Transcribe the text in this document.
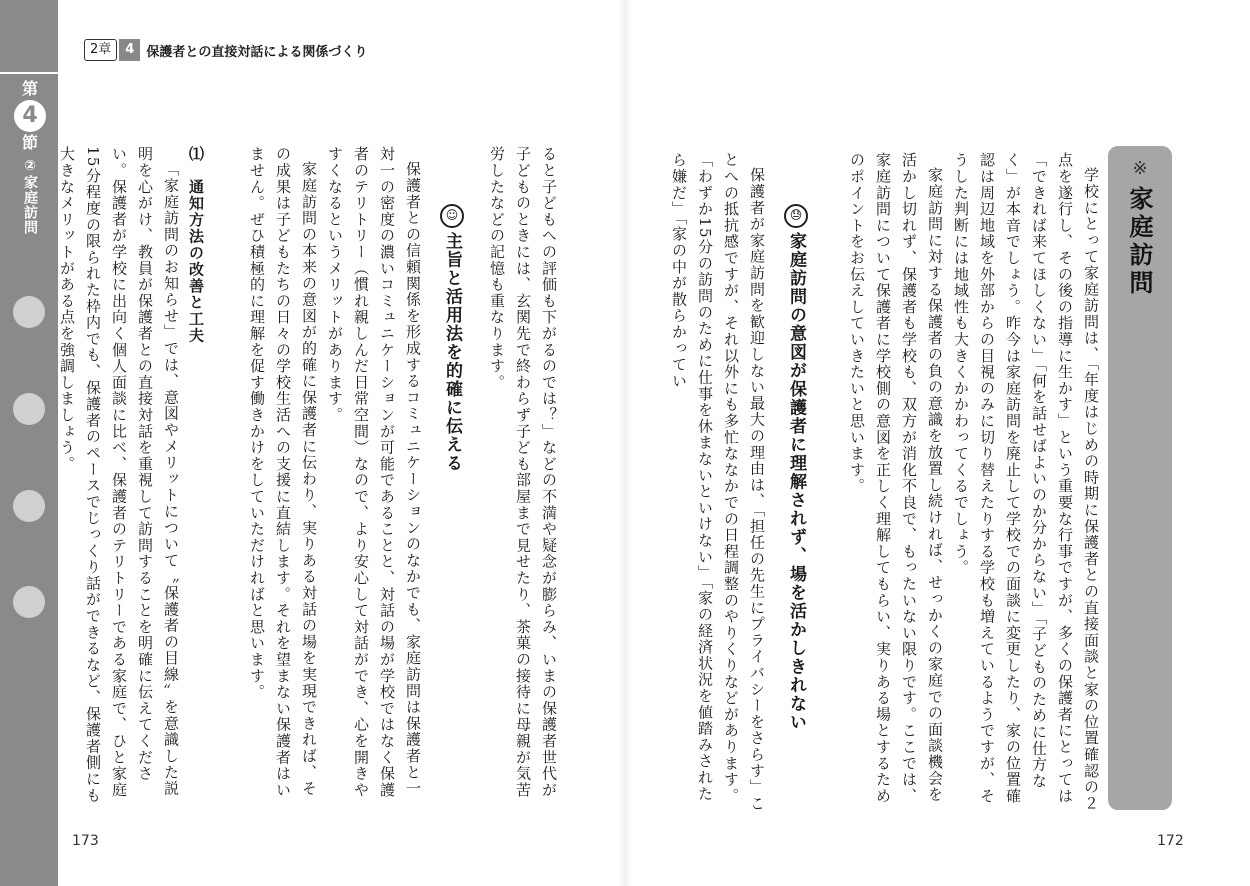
第
4
節
②家庭訪問
2章	4 保護者との直接対話による関係づくり
※
家庭訪問

学校にとって家庭訪問は、「年度はじめの時期に保護者との直接面談と家の位置確認の２点を遂行し、その後の指導に生かす」という重要な行事ですが、多くの保護者にとっては「できれば来てほしくない」「何を話せばよいのか分からない」「子どものために仕方なく」が本音でしょう。昨今は家庭訪問を廃止して学校での面談に変更したり、家の位置確認は周辺地域を外部からの目視のみに切り替えたりする学校も増えているようですが、そうした判断には地域性も大きくかかわってくるでしょう。

家庭訪問に対する保護者の負の意識を放置し続ければ、せっかくの家庭での面談機会を活かし切れず、保護者も学校も、双方が消化不良で、もったいない限りです。ここでは、家庭訪問について保護者に学校側の意図を正しく理解してもらい、実りある場とするためのポイントをお伝えしていきたいと思います。

😓家庭訪問の意図が保護者に理解されず、場を活かしきれない

保護者が家庭訪問を歓迎しない最大の理由は、「担任の先生にプライバシーをさらす」ことへの抵抗感ですが、それ以外にも多忙ななかでの日程調整のやりくりなどがあります。「わずか15分の訪問のために仕事を休まないといけない」「家の経済状況を値踏みされたら嫌だ」「家の中が散らかってい

ると子どもへの評価も下がるのでは？」などの不満や疑念が膨らみ、いまの保護者世代が子どものときには、玄関先で終わらず子ども部屋まで見せたり、茶菓の接待に母親が気苦労したなどの記憶も重なります。

☺主旨と活用法を的確に伝える

保護者との信頼関係を形成するコミュニケーションのなかでも、家庭訪問は保護者と一対一の密度の濃いコミュニケーションが可能であることと、対話の場が学校ではなく保護者のテリトリー（慣れ親しんだ日常空間）なので、より安心して対話ができ、心を開きやすくなるというメリットがあります。

家庭訪問の本来の意図が的確に保護者に伝わり、実りある対話の場を実現できれば、その成果は子どもたちの日々の学校生活への支援に直結します。それを望まない保護者はいません。ぜひ積極的に理解を促す働きかけをしていただければと思います。

⑴　通知方法の改善と工夫

「家庭訪問のお知らせ」では、意図やメリットについて〝保護者の目線〟を意識した説明を心がけ、教員が保護者との直接対話を重視して訪問することを明確に伝えてください。保護者が学校に出向く個人面談に比べ、保護者のテリトリーである家庭で、ひと家庭15分程度の限られた枠内でも、保護者のペースでじっくり話ができるなど、保護者側にも大きなメリットがある点を強調しましょう。

173	172
